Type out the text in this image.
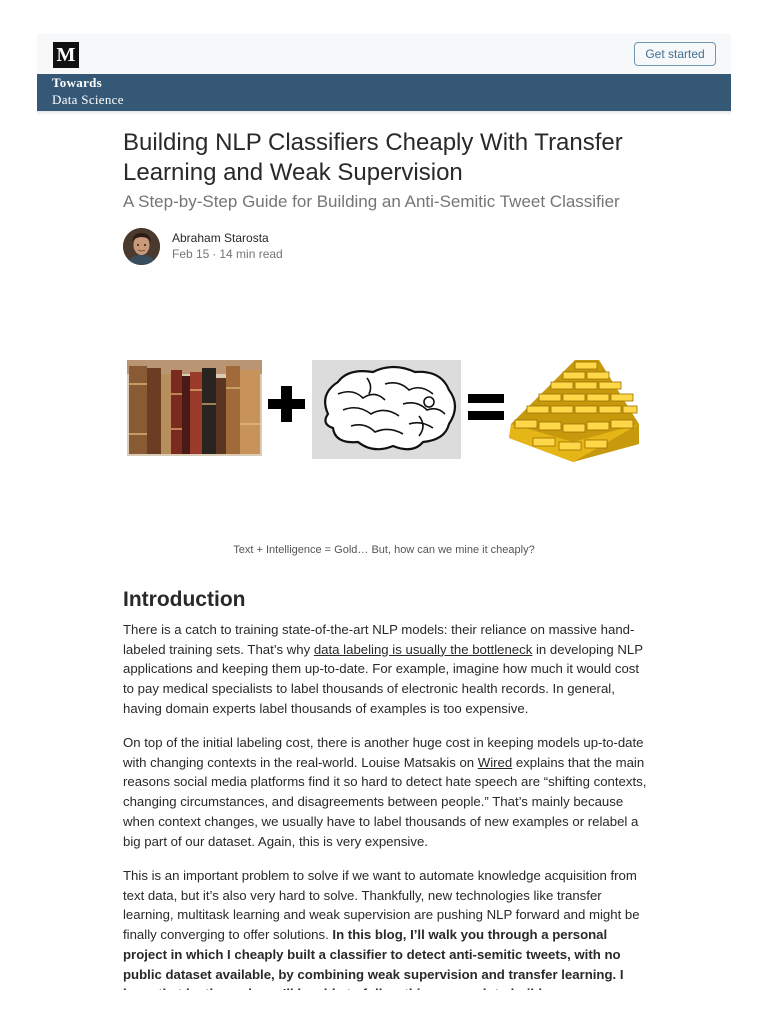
M	Get started
Towards
Data Science
Building NLP Classifiers Cheaply With Transfer Learning and Weak Supervision
A Step-by-Step Guide for Building an Anti-Semitic Tweet Classifier
Abraham Starosta
Feb 15 · 14 min read
Text + Intelligence = Gold… But, how can we mine it cheaply?
Introduction

There is a catch to training state-of-the-art NLP models: their reliance on massive hand-labeled training sets. That’s why data labeling is usually the bottleneck in developing NLP applications and keeping them up-to-date. For example, imagine how much it would cost to pay medical specialists to label thousands of electronic health records. In general, having domain experts label thousands of examples is too expensive.

On top of the initial labeling cost, there is another huge cost in keeping models up-to-date with changing contexts in the real-world. Louise Matsakis on Wired explains that the main reasons social media platforms find it so hard to detect hate speech are “shifting contexts, changing circumstances, and disagreements between people.” That’s mainly because when context changes, we usually have to label thousands of new examples or relabel a big part of our dataset. Again, this is very expensive.

This is an important problem to solve if we want to automate knowledge acquisition from text data, but it’s also very hard to solve. Thankfully, new technologies like transfer learning, multitask learning and weak supervision are pushing NLP forward and might be finally converging to offer solutions. In this blog, I’ll walk you through a personal project in which I cheaply built a classifier to detect anti-semitic tweets, with no public dataset available, by combining weak supervision and transfer learning. I
